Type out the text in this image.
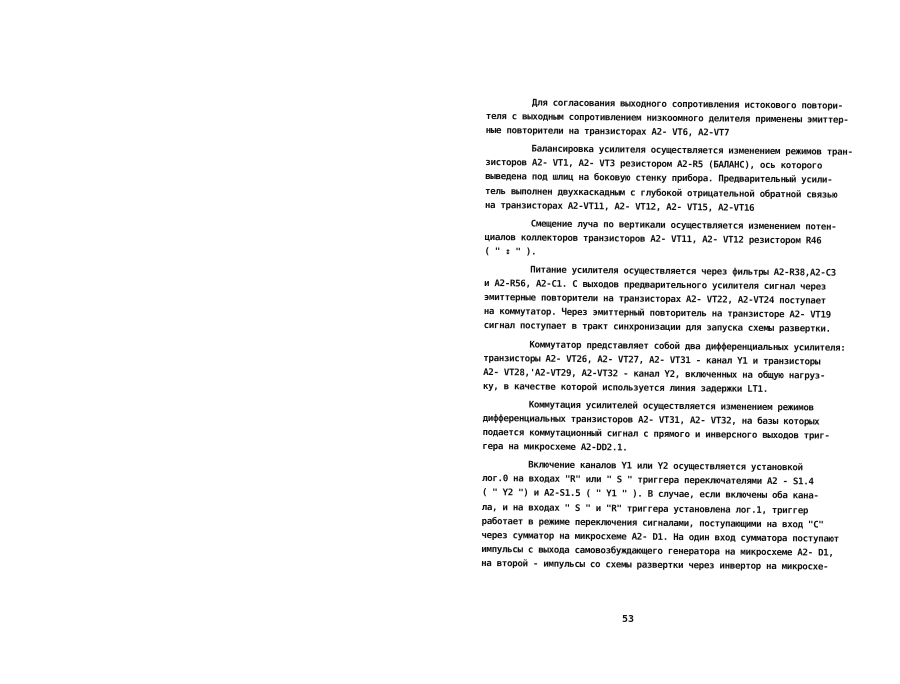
Для согласования выходного сопротивления истокового повтори-
теля с выходным сопротивлением низкоомного делителя применены эмиттер-
ные повторители на транзисторах А2- VT6, А2-VT7
Балансировка усилителя осуществляется изменением режимов тран-
зисторов А2- VT1, А2- VT3 резистором А2-R5 (БАЛАНС), ось которого
выведена под шлиц на боковую стенку прибора. Предварительный усили-
тель выполнен двухкаскадным с глубокой отрицательной обратной связью
на транзисторах А2-VT11, А2- VT12, А2- VT15, А2-VT16
Смещение луча по вертикали осуществляется изменением потен-
циалов коллекторов транзисторов А2- VT11, А2- VT12 резистором R46
( " ↕ " ).
Питание усилителя осуществляется через фильтры А2-R38,А2-С3
и А2-R56, А2-С1. С выходов предварительного усилителя сигнал через
эмиттерные повторители на транзисторах А2- VT22, А2-VT24 поступает
на коммутатор. Через эмиттерный повторитель на транзисторе А2- VT19
сигнал поступает в тракт синхронизации для запуска схемы развертки.
Коммутатор представляет собой два дифференциальных усилителя:
транзисторы А2- VT26, А2- VT27, А2- VT31 - канал Y1 и транзисторы
А2- VT28,'А2-VT29, А2-VT32 - канал Y2, включенных на общую нагруз-
ку, в качестве которой используется линия задержки LT1.
Коммутация усилителей осуществляется изменением режимов
дифференциальных транзисторов А2- VT31, А2- VT32, на базы которых
подается коммутационный сигнал с прямого и инверсного выходов триг-
гера на микросхеме А2-DD2.1.
Включение каналов Y1 или Y2 осуществляется установкой
лог.0 на входах "R" или " S " триггера переключателями А2 - S1.4
( " Y2 ") и А2-S1.5 ( " Y1 " ). В случае, если включены оба кана-
ла, и на входах " S " и "R" триггера установлена лог.1, триггер
работает в режиме переключения сигналами, поступающими на вход "С"
через сумматор на микросхеме А2- D1. На один вход сумматора поступают
импульсы с выхода самовозбуждающего генератора на микросхеме А2- D1,
на второй - импульсы со схемы развертки через инвертор на микросхе-
53
